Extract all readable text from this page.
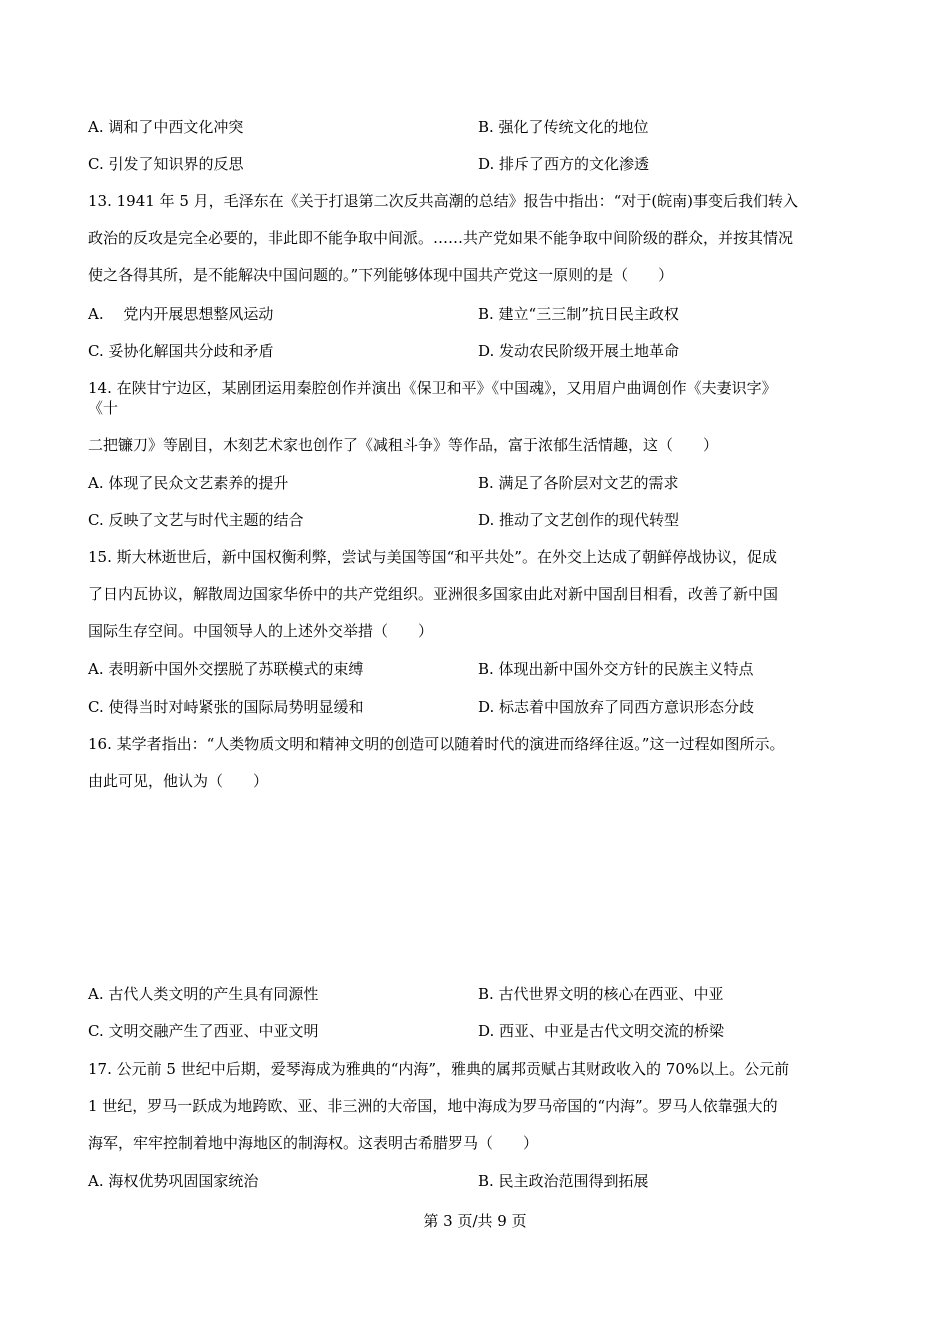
A. 调和了中西文化冲突	B. 强化了传统文化的地位
C. 引发了知识界的反思	D. 排斥了西方的文化渗透
13. 1941 年 5 月，毛泽东在《关于打退第二次反共高潮的总结》报告中指出：“对于(皖南)事变后我们转入
政治的反攻是完全必要的，非此即不能争取中间派。……共产党如果不能争取中间阶级的群众，并按其情况
使之各得其所，是不能解决中国问题的。”下列能够体现中国共产党这一原则的是（　　）
A.　 党内开展思想整风运动	B. 建立“三三制”抗日民主政权
C. 妥协化解国共分歧和矛盾	D. 发动农民阶级开展土地革命
14. 在陕甘宁边区，某剧团运用秦腔创作并演出《保卫和平》《中国魂》，又用眉户曲调创作《夫妻识字》
《十
二把镰刀》等剧目，木刻艺术家也创作了《减租斗争》等作品，富于浓郁生活情趣，这（　　）
A. 体现了民众文艺素养的提升	B. 满足了各阶层对文艺的需求
C. 反映了文艺与时代主题的结合	D. 推动了文艺创作的现代转型
15. 斯大林逝世后，新中国权衡利弊，尝试与美国等国“和平共处”。在外交上达成了朝鲜停战协议，促成
了日内瓦协议，解散周边国家华侨中的共产党组织。亚洲很多国家由此对新中国刮目相看，改善了新中国
国际生存空间。中国领导人的上述外交举措（　　）
A. 表明新中国外交摆脱了苏联模式的束缚	B. 体现出新中国外交方针的民族主义特点
C. 使得当时对峙紧张的国际局势明显缓和	D. 标志着中国放弃了同西方意识形态分歧
16. 某学者指出：“人类物质文明和精神文明的创造可以随着时代的演进而络绎往返。”这一过程如图所示。
由此可见，他认为（　　）
A. 古代人类文明的产生具有同源性	B. 古代世界文明的核心在西亚、中亚
C. 文明交融产生了西亚、中亚文明	D. 西亚、中亚是古代文明交流的桥梁
17. 公元前 5 世纪中后期，爱琴海成为雅典的“内海”，雅典的属邦贡赋占其财政收入的 70%以上。公元前
1 世纪，罗马一跃成为地跨欧、亚、非三洲的大帝国，地中海成为罗马帝国的“内海”。罗马人依靠强大的
海军，牢牢控制着地中海地区的制海权。这表明古希腊罗马（　　）
A. 海权优势巩固国家统治	B. 民主政治范围得到拓展
第 3 页/共 9 页
